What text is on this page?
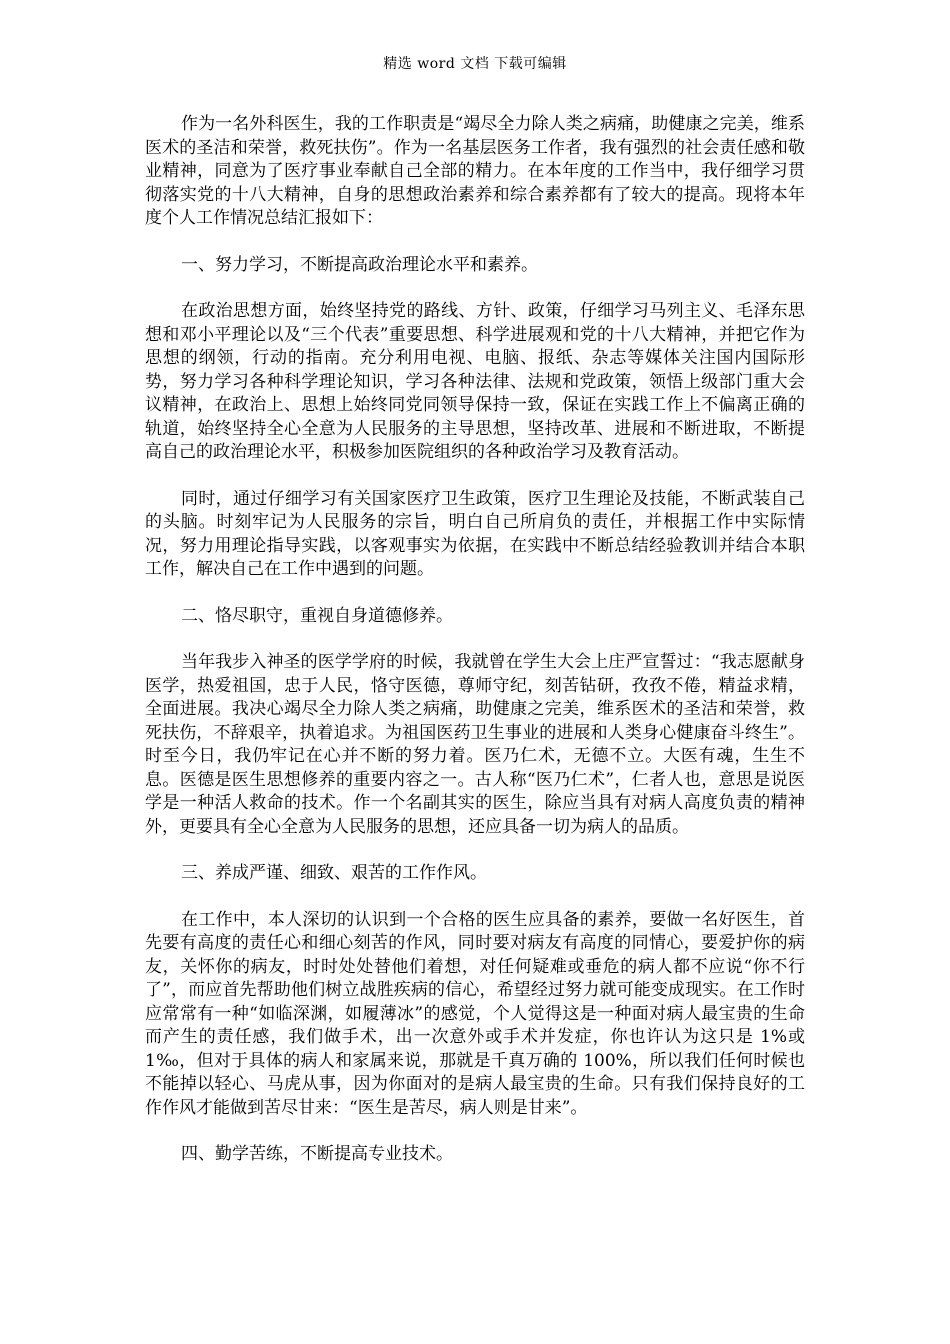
精选 word 文档 下载可编辑

作为一名外科医生，我的工作职责是“竭尽全力除人类之病痛，助健康之完美，维系医术的圣洁和荣誉，救死扶伤”。作为一名基层医务工作者，我有强烈的社会责任感和敬业精神，同意为了医疗事业奉献自己全部的精力。在本年度的工作当中，我仔细学习贯彻落实党的十八大精神，自身的思想政治素养和综合素养都有了较大的提高。现将本年度个人工作情况总结汇报如下：

一、努力学习，不断提高政治理论水平和素养。

在政治思想方面，始终坚持党的路线、方针、政策，仔细学习马列主义、毛泽东思想和邓小平理论以及“三个代表”重要思想、科学进展观和党的十八大精神，并把它作为思想的纲领，行动的指南。充分利用电视、电脑、报纸、杂志等媒体关注国内国际形势，努力学习各种科学理论知识，学习各种法律、法规和党政策，领悟上级部门重大会议精神，在政治上、思想上始终同党同领导保持一致，保证在实践工作上不偏离正确的轨道，始终坚持全心全意为人民服务的主导思想，坚持改革、进展和不断进取，不断提高自己的政治理论水平，积极参加医院组织的各种政治学习及教育活动。

同时，通过仔细学习有关国家医疗卫生政策，医疗卫生理论及技能，不断武装自己的头脑。时刻牢记为人民服务的宗旨，明白自己所肩负的责任，并根据工作中实际情况，努力用理论指导实践，以客观事实为依据，在实践中不断总结经验教训并结合本职工作，解决自己在工作中遇到的问题。

二、恪尽职守，重视自身道德修养。

当年我步入神圣的医学学府的时候，我就曾在学生大会上庄严宣誓过：“我志愿献身医学，热爱祖国，忠于人民，恪守医德，尊师守纪，刻苦钻研，孜孜不倦，精益求精，全面进展。我决心竭尽全力除人类之病痛，助健康之完美，维系医术的圣洁和荣誉，救死扶伤，不辞艰辛，执着追求。为祖国医药卫生事业的进展和人类身心健康奋斗终生”。时至今日，我仍牢记在心并不断的努力着。医乃仁术，无德不立。大医有魂，生生不息。医德是医生思想修养的重要内容之一。古人称“医乃仁术”，仁者人也，意思是说医学是一种活人救命的技术。作一个名副其实的医生，除应当具有对病人高度负责的精神外，更要具有全心全意为人民服务的思想，还应具备一切为病人的品质。

三、养成严谨、细致、艰苦的工作作风。

在工作中，本人深切的认识到一个合格的医生应具备的素养，要做一名好医生，首先要有高度的责任心和细心刻苦的作风，同时要对病友有高度的同情心，要爱护你的病友，关怀你的病友，时时处处替他们着想，对任何疑难或垂危的病人都不应说“你不行了”，而应首先帮助他们树立战胜疾病的信心，希望经过努力就可能变成现实。在工作时应常常有一种“如临深渊，如履薄冰”的感觉，个人觉得这是一种面对病人最宝贵的生命而产生的责任感，我们做手术，出一次意外或手术并发症，你也许认为这只是 1%或 1‰，但对于具体的病人和家属来说，那就是千真万确的 100%，所以我们任何时候也不能掉以轻心、马虎从事，因为你面对的是病人最宝贵的生命。只有我们保持良好的工作作风才能做到苦尽甘来：“医生是苦尽，病人则是甘来”。

四、勤学苦练，不断提高专业技术。
